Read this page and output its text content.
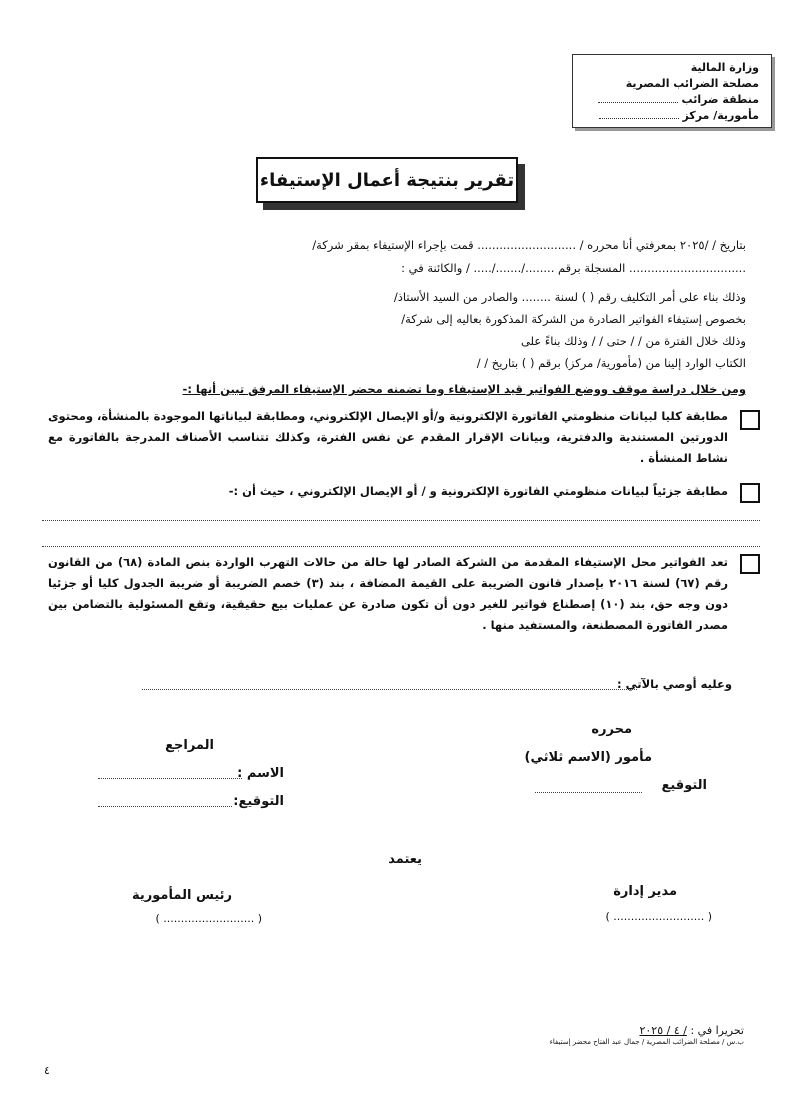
وزارة المالية
مصلحة الضرائب المصرية
منطقة ضرائب
مأمورية/ مركز
تقرير بنتيجة أعمال الإستيفاء
بتاريخ / /٢٠٢٥ بمعرفتي أنا محرره / ........................... قمت بإجراء الإستيفاء بمقر شركة/
................................ المسجلة برقم ......../......./..... / والكائنة في :
وذلك بناء على أمر التكليف رقم ( ) لسنة ........ والصادر من السيد الأستاذ/
بخصوص إستيفاء الفواتير الصادرة من الشركة المذكورة بعاليه إلى شركة/
وذلك خلال الفترة من / / حتى / / وذلك بناءً على
الكتاب الوارد إلينا من (مأمورية/ مركز) برقم ( ) بتاريخ / /
ومن خلال دراسة موقف ووضع الفواتير قيد الإستيفاء وما تضمنه محضر الإستيفاء المرفق تبين أنها :-
مطابقة كليا لبيانات منظومتي الفاتورة الإلكترونية و/أو الإيصال الإلكتروني، ومطابقة لبياناتها الموجودة بالمنشأة، ومحتوى الدورتين المستندية والدفترية، وبيانات الإقرار المقدم عن نفس الفترة، وكذلك تتناسب الأصناف المدرجة بالفاتورة مع نشاط المنشأة .
مطابقة جزئياً لبيانات منظومتي الفاتورة الإلكترونية و / أو الإيصال الإلكتروني ، حيث أن :-
تعد الفواتير محل الإستيفاء المقدمة من الشركة الصادر لها حالة من حالات التهرب الواردة بنص المادة (٦٨) من القانون رقم (٦٧) لسنة ٢٠١٦ بإصدار قانون الضريبة على القيمة المضافة ، بند (٣) خصم الضريبة أو ضريبة الجدول كليا أو جزئيا دون وجه حق، بند (١٠) إصطناع فواتير للغير دون أن تكون صادرة عن عمليات بيع حقيقية، وتقع المسئولية بالتضامن بين مصدر الفاتورة المصطنعة، والمستفيد منها .
وعليه أوصي بالآتي :
محرره
مأمور (الاسم ثلاثي)
التوقيع
المراجع
الاسم :
التوقيع:
يعتمد
مدير إدارة
( .......................... )
رئيس المأمورية
( .......................... )
تحريرا في : / ٤ / ٢٠٢٥
ب.س / مصلحة الضرائب المصرية / جمال عبد الفتاح محضر إستيفاء
٤
